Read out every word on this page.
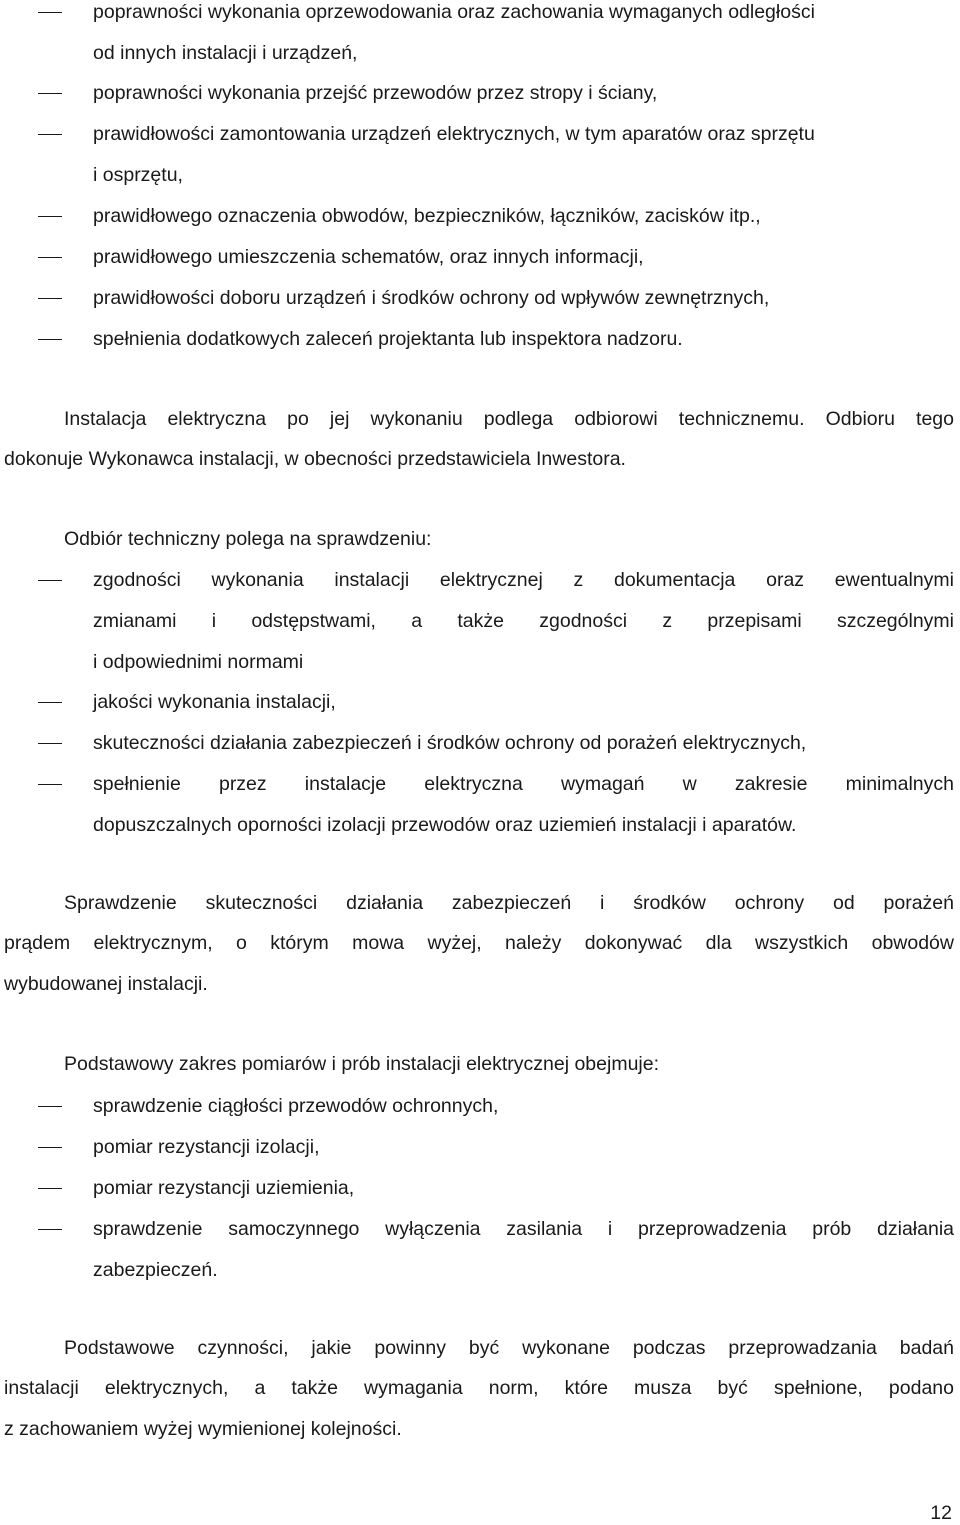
poprawności wykonania oprzewodowania oraz zachowania wymaganych odległości
od innych instalacji i urządzeń,
poprawności wykonania przejść przewodów przez stropy i ściany,
prawidłowości zamontowania urządzeń elektrycznych, w tym aparatów oraz sprzętu
i osprzętu,
prawidłowego oznaczenia obwodów, bezpieczników, łączników, zacisków itp.,
prawidłowego umieszczenia schematów, oraz innych informacji,
prawidłowości doboru urządzeń i środków ochrony od wpływów zewnętrznych,
spełnienia dodatkowych zaleceń projektanta lub inspektora nadzoru.
Instalacja elektryczna po jej wykonaniu podlega odbiorowi technicznemu. Odbioru tego
dokonuje Wykonawca instalacji, w obecności przedstawiciela Inwestora.
Odbiór techniczny polega na sprawdzeniu:
zgodności wykonania instalacji elektrycznej z dokumentacja oraz ewentualnymi
zmianami i odstępstwami, a także zgodności z przepisami szczególnymi
i odpowiednimi normami
jakości wykonania instalacji,
skuteczności działania zabezpieczeń i środków ochrony od porażeń elektrycznych,
spełnienie przez instalacje elektryczna wymagań w zakresie minimalnych
dopuszczalnych oporności izolacji przewodów oraz uziemień instalacji i aparatów.
Sprawdzenie skuteczności działania zabezpieczeń i środków ochrony od porażeń
prądem elektrycznym, o którym mowa wyżej, należy dokonywać dla wszystkich obwodów
wybudowanej instalacji.
Podstawowy zakres pomiarów i prób instalacji elektrycznej obejmuje:
sprawdzenie ciągłości przewodów ochronnych,
pomiar rezystancji izolacji,
pomiar rezystancji uziemienia,
sprawdzenie samoczynnego wyłączenia zasilania i przeprowadzenia prób działania
zabezpieczeń.
Podstawowe czynności, jakie powinny być wykonane podczas przeprowadzania badań
instalacji elektrycznych, a także wymagania norm, które musza być spełnione, podano
z zachowaniem wyżej wymienionej kolejności.
12
